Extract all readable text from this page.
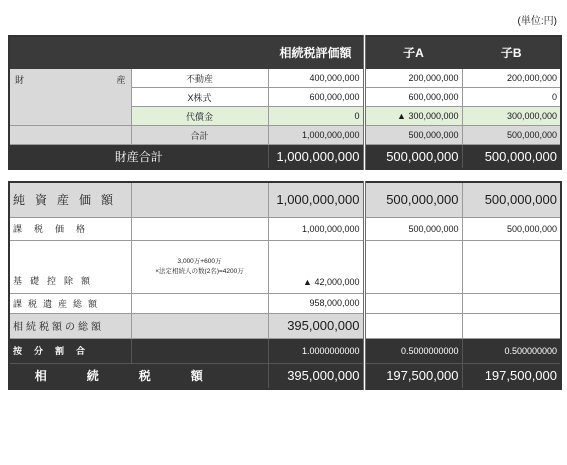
(単位:円)
		相続税評価額	子A	子B

財 産	不動産	400,000,000	200,000,000	200,000,000
	X株式	600,000,000	600,000,000	0
	代償金	0	▲ 300,000,000	300,000,000
	合計	1,000,000,000	500,000,000	500,000,000
財産合計		1,000,000,000	500,000,000	500,000,000
純資産価額		1,000,000,000	500,000,000	500,000,000
課税価格		1,000,000,000	500,000,000	500,000,000
基礎控除額	3,000万+600万
×法定相続人の数(2名)=4200万	▲ 42,000,000		
課税遺産総額		958,000,000		
相続税額の総額		395,000,000		
按分割合		1.0000000000	0.5000000000	0.500000000
相続税額		395,000,000	197,500,000	197,500,000
